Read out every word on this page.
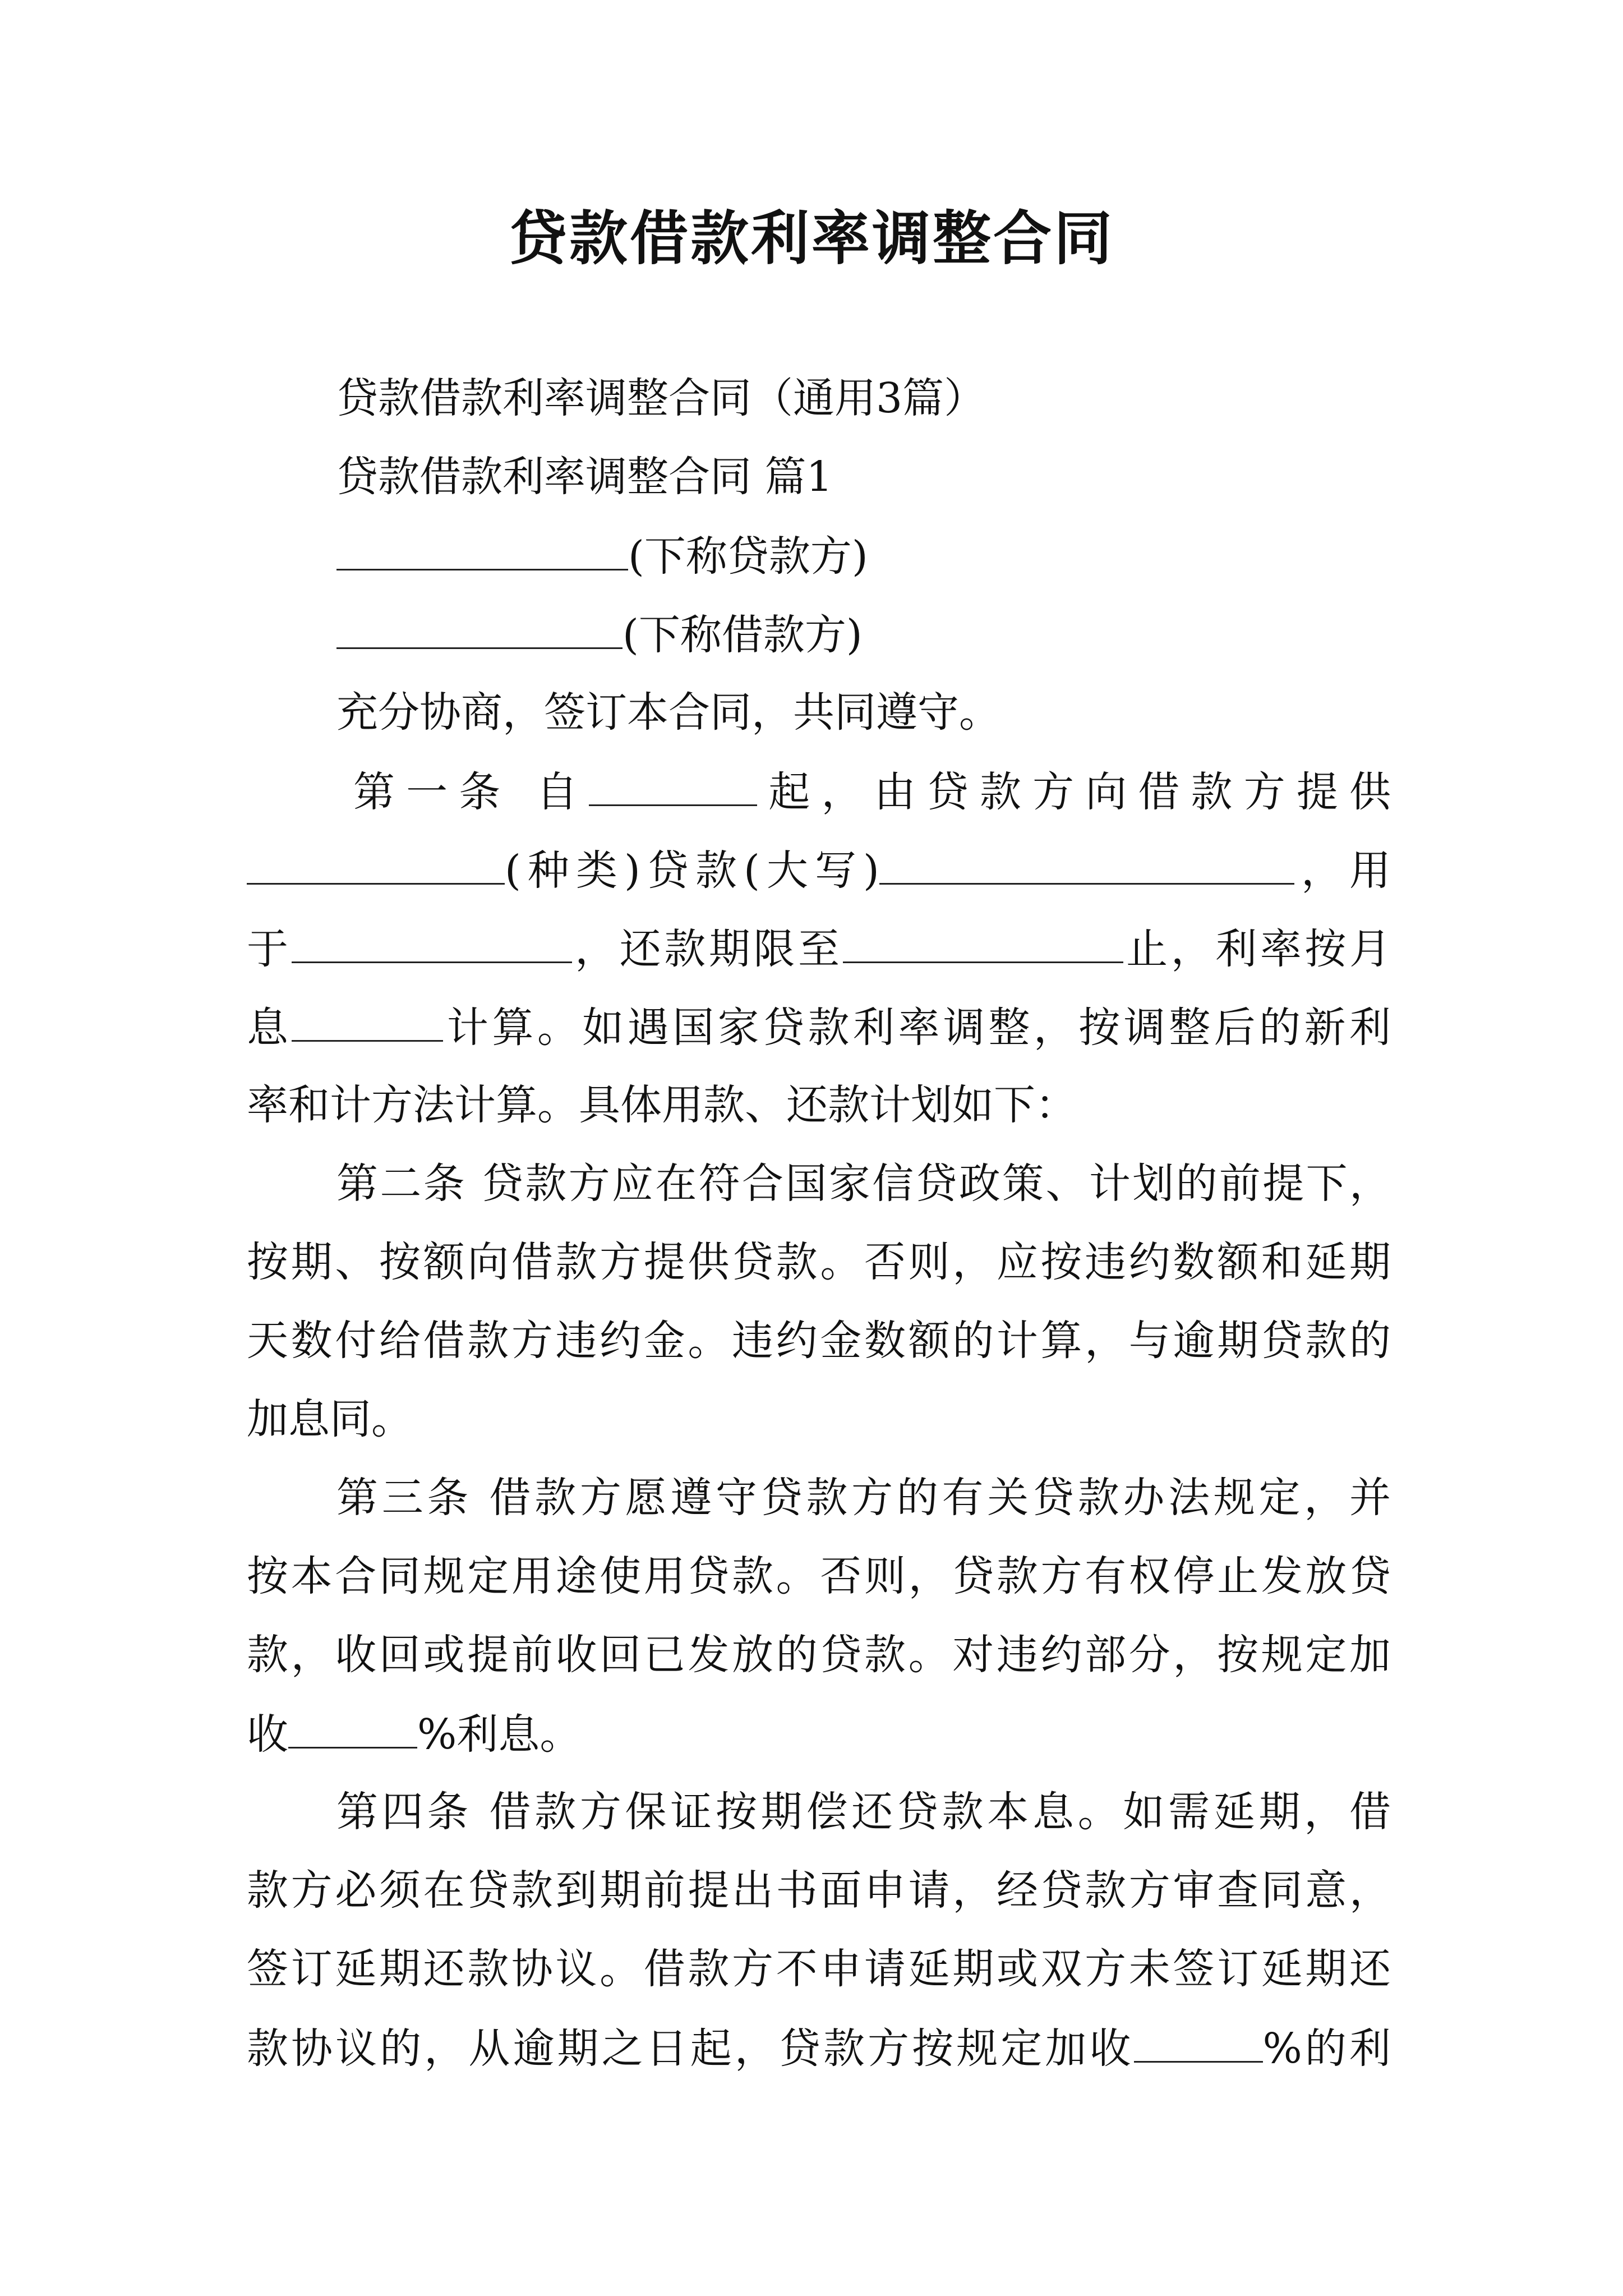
贷款借款利率调整合同
贷款借款利率调整合同（通用3篇）
贷款借款利率调整合同 篇1
(下称贷款方)
(下称借款方)
充分协商，签订本合同，共同遵守。
第一条 自	起，由贷款方向借款方提供
(种类)贷款(大写)	，用
于	，还款期限至	止，利率按月
息	计算。如遇国家贷款利率调整，按调整后的新利
率和计方法计算。具体用款、还款计划如下：
第二条 贷款方应在符合国家信贷政策、计划的前提下，
按期、按额向借款方提供贷款。否则，应按违约数额和延期
天数付给借款方违约金。违约金数额的计算，与逾期贷款的
加息同。
第三条 借款方愿遵守贷款方的有关贷款办法规定，并
按本合同规定用途使用贷款。否则，贷款方有权停止发放贷
款，收回或提前收回已发放的贷款。对违约部分，按规定加
收	%利息。
第四条 借款方保证按期偿还贷款本息。如需延期，借
款方必须在贷款到期前提出书面申请，经贷款方审查同意，
签订延期还款协议。借款方不申请延期或双方未签订延期还
款协议的，从逾期之日起，贷款方按规定加收	%的利
